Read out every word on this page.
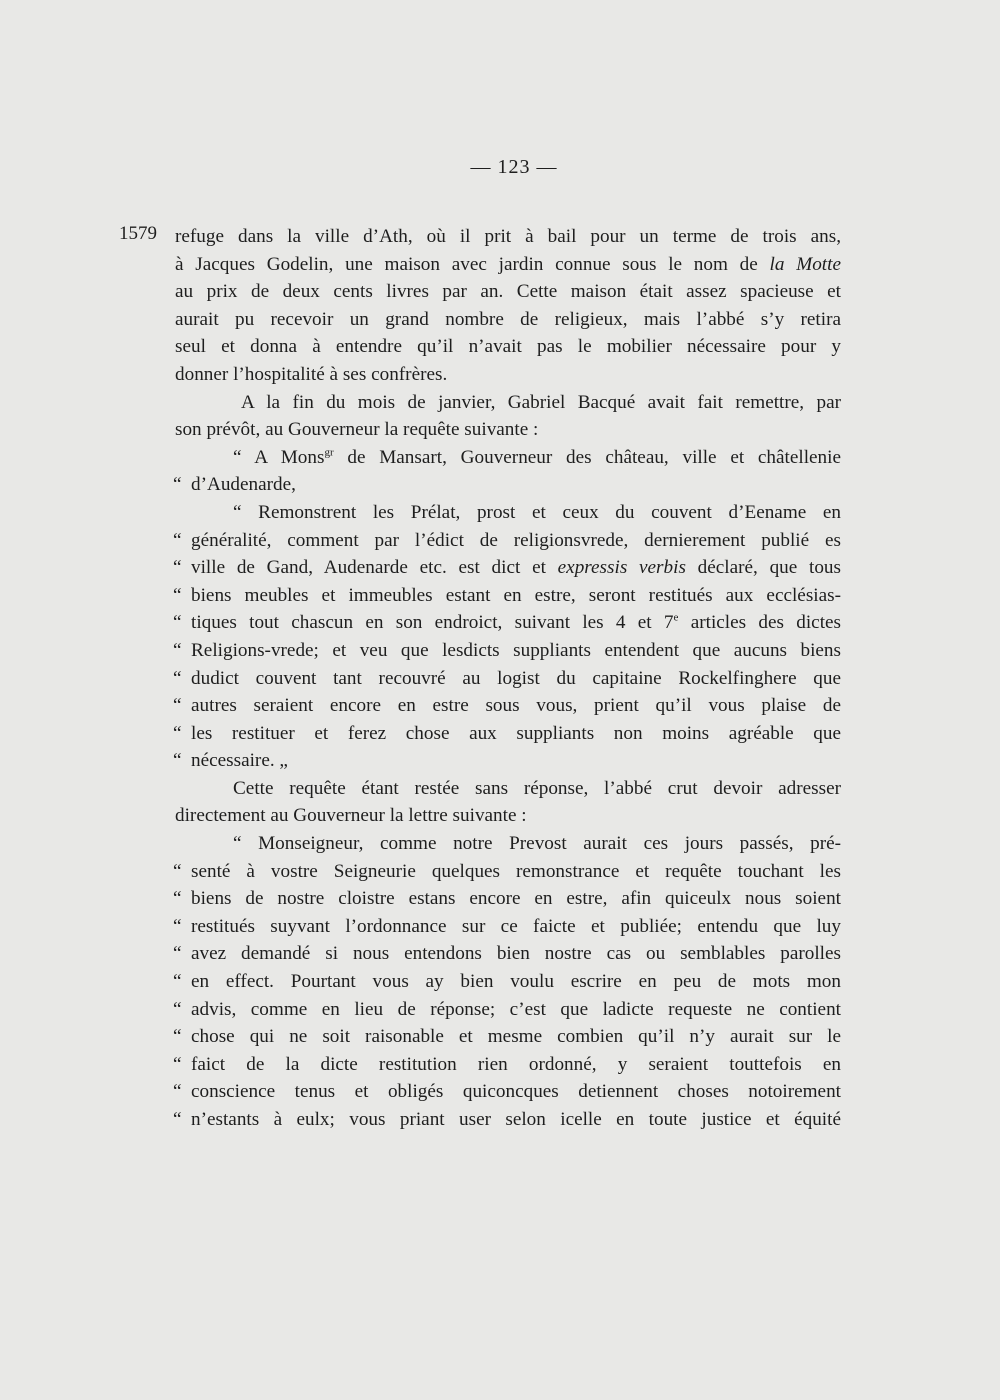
— 123 —
1579 refuge dans la ville d’Ath, où il prit à bail pour un terme de trois ans,
à Jacques Godelin, une maison avec jardin connue sous le nom de la Motte
au prix de deux cents livres par an. Cette maison était assez spacieuse et
aurait pu recevoir un grand nombre de religieux, mais l’abbé s’y retira
seul et donna à entendre qu’il n’avait pas le mobilier nécessaire pour y
donner l’hospitalité à ses confrères.
A la fin du mois de janvier, Gabriel Bacqué avait fait remettre, par
son prévôt, au Gouverneur la requête suivante :
“ A Mons$^{gr}$ de Mansart, Gouverneur des château, ville et châtellenie
“ d’Audenarde,
“ Remonstrent les Prélat, prost et ceux du couvent d’Eename en
“ généralité, comment par l’édict de religionsvrede, dernierement publié es
“ ville de Gand, Audenarde etc. est dict et expressis verbis déclaré, que tous
“ biens meubles et immeubles estant en estre, seront restitués aux ecclésias-
“ tiques tout chascun en son endroict, suivant les 4 et 7e articles des dictes
“ Religions-vrede; et veu que lesdicts suppliants entendent que aucuns biens
“ dudict couvent tant recouvré au logist du capitaine Rockelfinghere que
“ autres seraient encore en estre sous vous, prient qu’il vous plaise de
“ les restituer et ferez chose aux suppliants non moins agréable que
“ nécessaire. „
Cette requête étant restée sans réponse, l’abbé crut devoir adresser
directement au Gouverneur la lettre suivante :
“ Monseigneur, comme notre Prevost aurait ces jours passés, pré-
“ senté à vostre Seigneurie quelques remonstrance et requête touchant les
“ biens de nostre cloistre estans encore en estre, afin quiceulx nous soient
“ restitués suyvant l’ordonnance sur ce faicte et publiée; entendu que luy
“ avez demandé si nous entendons bien nostre cas ou semblables parolles
“ en effect. Pourtant vous ay bien voulu escrire en peu de mots mon
“ advis, comme en lieu de réponse; c’est que ladicte requeste ne contient
“ chose qui ne soit raisonable et mesme combien qu’il n’y aurait sur le
“ faict de la dicte restitution rien ordonné, y seraient touttefois en
“ conscience tenus et obligés quiconcques detiennent choses notoirement
“ n’estants à eulx; vous priant user selon icelle en toute justice et équité
